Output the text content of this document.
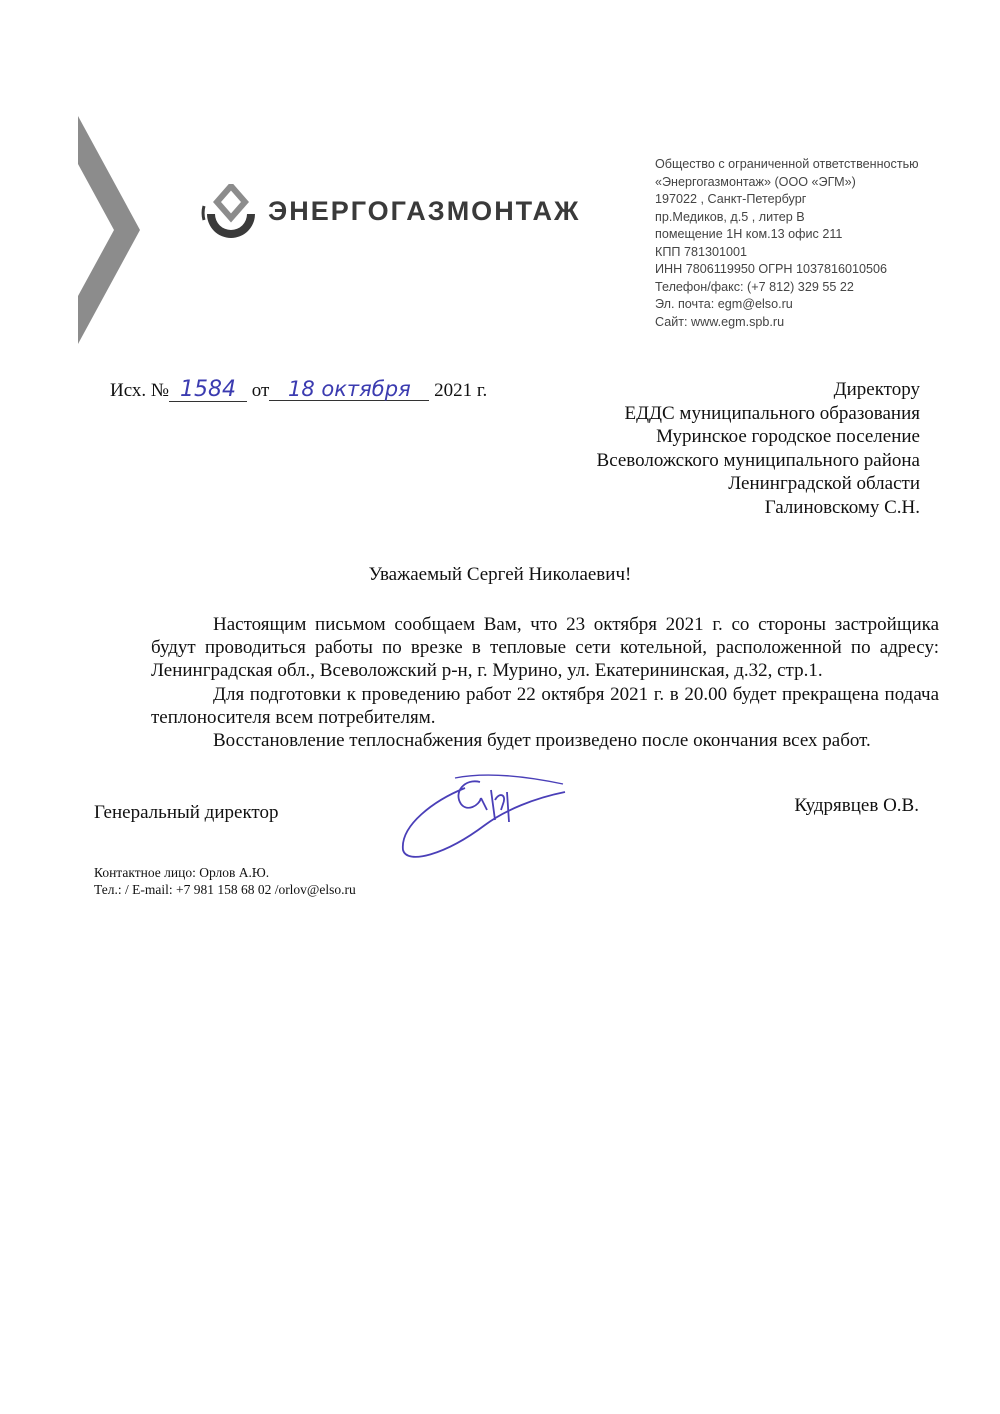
ЭНЕРГОГАЗМОНТАЖ
Общество с ограниченной ответственностью
«Энергогазмонтаж» (ООО «ЭГМ»)
197022 , Санкт-Петербург
пр.Медиков, д.5 , литер В
помещение 1Н ком.13 офис 211
КПП 781301001
ИНН 7806119950 ОГРН 1037816010506
Телефон/факс: (+7 812) 329 55 22
Эл. почта: egm@elso.ru
Сайт: www.egm.spb.ru
Исх. № 1584 от 18 октября 2021 г.	Директору
ЕДДС муниципального образования
Муринское городское поселение
Всеволожского муниципального района
Ленинградской области
Галиновскому С.Н.
Уважаемый Сергей Николаевич!

Настоящим письмом сообщаем Вам, что 23 октября 2021 г. со стороны застройщика будут проводиться работы по врезке в тепловые сети котельной, расположенной по адресу: Ленинградская обл., Всеволожский р-н, г. Мурино, ул. Екатерининская, д.32, стр.1.

Для подготовки к проведению работ 22 октября 2021 г. в 20.00 будет прекращена подача теплоносителя всем потребителям.

Восстановление теплоснабжения будет произведено после окончания всех работ.

Генеральный директор	Кудрявцев О.В.
Контактное лицо: Орлов А.Ю.
Тел.: / E-mail: +7 981 158 68 02 /orlov@elso.ru
